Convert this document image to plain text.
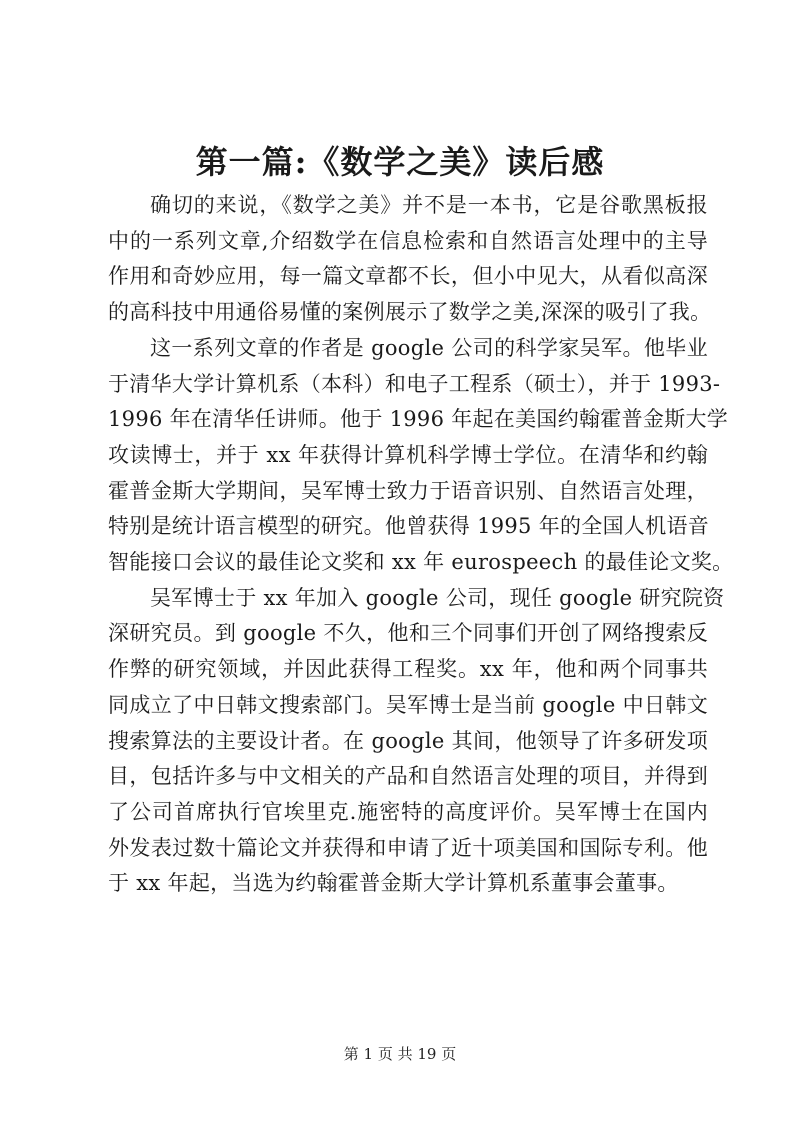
第一篇:《数学之美》读后感

确切的来说，《数学之美》并不是一本书，它是谷歌黑板报
中的一系列文章,介绍数学在信息检索和自然语言处理中的主导
作用和奇妙应用，每一篇文章都不长，但小中见大，从看似高深
的高科技中用通俗易懂的案例展示了数学之美,深深的吸引了我。

这一系列文章的作者是 google 公司的科学家吴军。他毕业
于清华大学计算机系（本科）和电子工程系（硕士），并于 1993-
1996 年在清华任讲师。他于 1996 年起在美国约翰霍普金斯大学
攻读博士，并于 xx 年获得计算机科学博士学位。在清华和约翰
霍普金斯大学期间，吴军博士致力于语音识别、自然语言处理，
特别是统计语言模型的研究。他曾获得 1995 年的全国人机语音
智能接口会议的最佳论文奖和 xx 年 eurospeech 的最佳论文奖。

吴军博士于 xx 年加入 google 公司，现任 google 研究院资
深研究员。到 google 不久，他和三个同事们开创了网络搜索反
作弊的研究领域，并因此获得工程奖。xx 年，他和两个同事共
同成立了中日韩文搜索部门。吴军博士是当前 google 中日韩文
搜索算法的主要设计者。在 google 其间，他领导了许多研发项
目，包括许多与中文相关的产品和自然语言处理的项目，并得到
了公司首席执行官埃里克.施密特的高度评价。吴军博士在国内
外发表过数十篇论文并获得和申请了近十项美国和国际专利。他
于 xx 年起，当选为约翰霍普金斯大学计算机系董事会董事。

第 1 页 共 19 页
